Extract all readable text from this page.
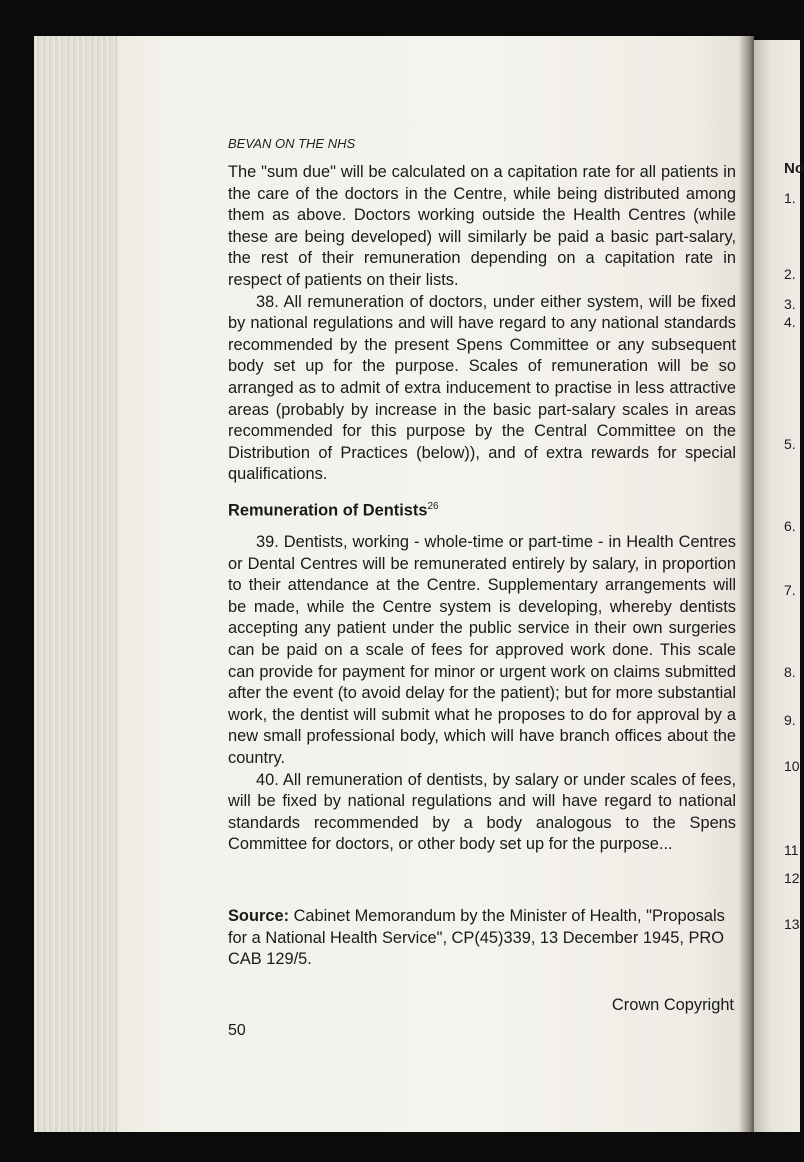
BEVAN ON THE NHS

The "sum due" will be calculated on a capitation rate for all patients in the care of the doctors in the Centre, while being distributed among them as above. Doctors working outside the Health Centres (while these are being developed) will similarly be paid a basic part-salary, the rest of their remuneration depending on a capitation rate in respect of patients on their lists.

38. All remuneration of doctors, under either system, will be fixed by national regulations and will have regard to any national standards recommended by the present Spens Committee or any subsequent body set up for the purpose. Scales of remuneration will be so arranged as to admit of extra inducement to practise in less attractive areas (probably by increase in the basic part-salary scales in areas recommended for this purpose by the Central Committee on the Distribution of Practices (below)), and of extra rewards for special qualifications.

Remuneration of Dentists$^{26}$

39. Dentists, working - whole-time or part-time - in Health Centres or Dental Centres will be remunerated entirely by salary, in proportion to their attendance at the Centre. Supplementary arrangements will be made, while the Centre system is developing, whereby dentists accepting any patient under the public service in their own surgeries can be paid on a scale of fees for approved work done. This scale can provide for payment for minor or urgent work on claims submitted after the event (to avoid delay for the patient); but for more substantial work, the dentist will submit what he proposes to do for approval by a new small professional body, which will have branch offices about the country.

40. All remuneration of dentists, by salary or under scales of fees, will be fixed by national regulations and will have regard to national standards recommended by a body analogous to the Spens Committee for doctors, or other body set up for the purpose...

Source: Cabinet Memorandum by the Minister of Health, "Proposals for a National Health Service", CP(45)339, 13 December 1945, PRO CAB 129/5.

Crown Copyright
50
No
1.
2.
3.
4.
5.
6.
7.
8.
9.
10
11
12
13
